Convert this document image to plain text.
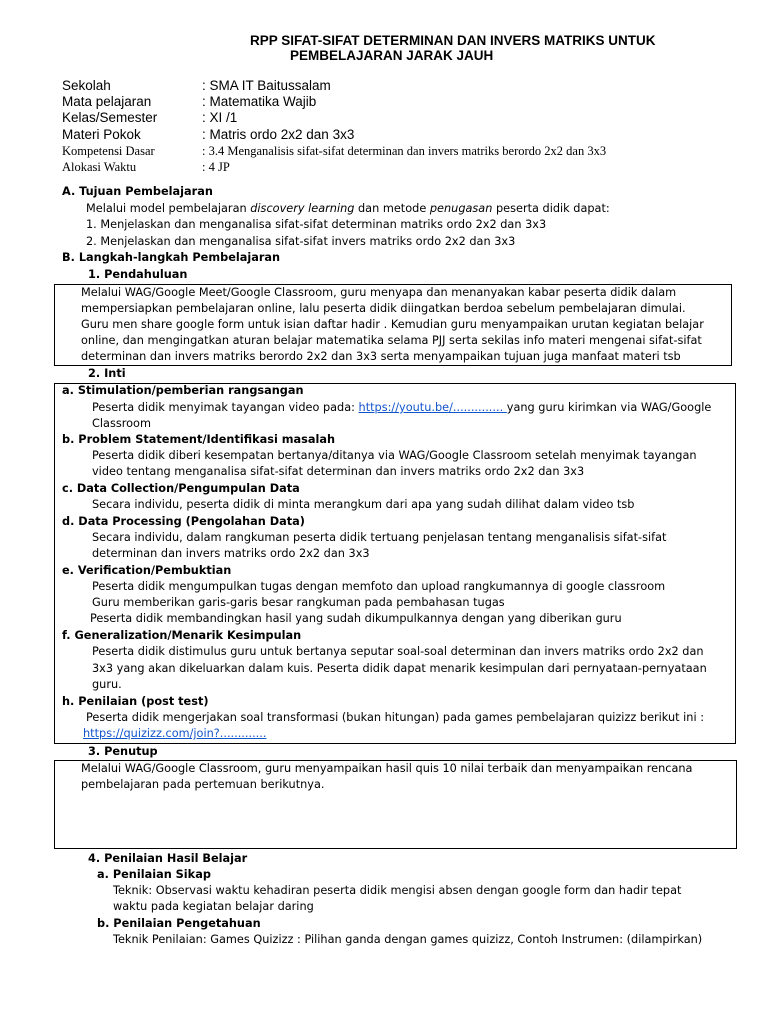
RPP SIFAT-SIFAT DETERMINAN DAN INVERS MATRIKS UNTUK
PEMBELAJARAN JARAK JAUH
Sekolah	: SMA IT Baitussalam
Mata pelajaran	: Matematika Wajib
Kelas/Semester	: XI /1
Materi Pokok	: Matris ordo 2x2 dan 3x3
Kompetensi Dasar	: 3.4 Menganalisis sifat-sifat determinan dan invers matriks berordo 2x2 dan 3x3
Alokasi Waktu	: 4 JP
A. Tujuan Pembelajaran
Melalui model pembelajaran discovery learning dan metode penugasan peserta didik dapat:
1. Menjelaskan dan menganalisa sifat-sifat determinan matriks ordo 2x2 dan 3x3
2. Menjelaskan dan menganalisa sifat-sifat invers matriks ordo 2x2 dan 3x3
B. Langkah-langkah Pembelajaran
1. Pendahuluan
Melalui WAG/Google Meet/Google Classroom, guru menyapa dan menanyakan kabar peserta didik dalam
mempersiapkan pembelajaran online, lalu peserta didik diingatkan berdoa sebelum pembelajaran dimulai.
Guru men share google form untuk isian daftar hadir . Kemudian guru menyampaikan urutan kegiatan belajar
online, dan mengingatkan aturan belajar matematika selama PJJ serta sekilas info materi mengenai sifat-sifat
determinan dan invers matriks berordo 2x2 dan 3x3 serta menyampaikan tujuan juga manfaat materi tsb
2. Inti
a. Stimulation/pemberian rangsangan
Peserta didik menyimak tayangan video pada: https://youtu.be/.............. yang guru kirimkan via WAG/Google
Classroom
b. Problem Statement/Identifikasi masalah
Peserta didik diberi kesempatan bertanya/ditanya via WAG/Google Classroom setelah menyimak tayangan
video tentang menganalisa sifat-sifat determinan dan invers matriks ordo 2x2 dan 3x3
c. Data Collection/Pengumpulan Data
Secara individu, peserta didik di minta merangkum dari apa yang sudah dilihat dalam video tsb
d. Data Processing (Pengolahan Data)
Secara individu, dalam rangkuman peserta didik tertuang penjelasan tentang menganalisis sifat-sifat
determinan dan invers matriks ordo 2x2 dan 3x3
e. Verification/Pembuktian
Peserta didik mengumpulkan tugas dengan memfoto dan upload rangkumannya di google classroom
Guru memberikan garis-garis besar rangkuman pada pembahasan tugas
Peserta didik membandingkan hasil yang sudah dikumpulkannya dengan yang diberikan guru
f. Generalization/Menarik Kesimpulan
Peserta didik distimulus guru untuk bertanya seputar soal-soal determinan dan invers matriks ordo 2x2 dan
3x3 yang akan dikeluarkan dalam kuis. Peserta didik dapat menarik kesimpulan dari pernyataan-pernyataan
guru.
h. Penilaian (post test)
Peserta didik mengerjakan soal transformasi (bukan hitungan) pada games pembelajaran quizizz berikut ini :
https://quizizz.com/join?.............
3. Penutup
Melalui WAG/Google Classroom, guru menyampaikan hasil quis 10 nilai terbaik dan menyampaikan rencana
pembelajaran pada pertemuan berikutnya.
4. Penilaian Hasil Belajar
a. Penilaian Sikap
Teknik: Observasi waktu kehadiran peserta didik mengisi absen dengan google form dan hadir tepat
waktu pada kegiatan belajar daring
b. Penilaian Pengetahuan
Teknik Penilaian: Games Quizizz : Pilihan ganda dengan games quizizz, Contoh Instrumen: (dilampirkan)
